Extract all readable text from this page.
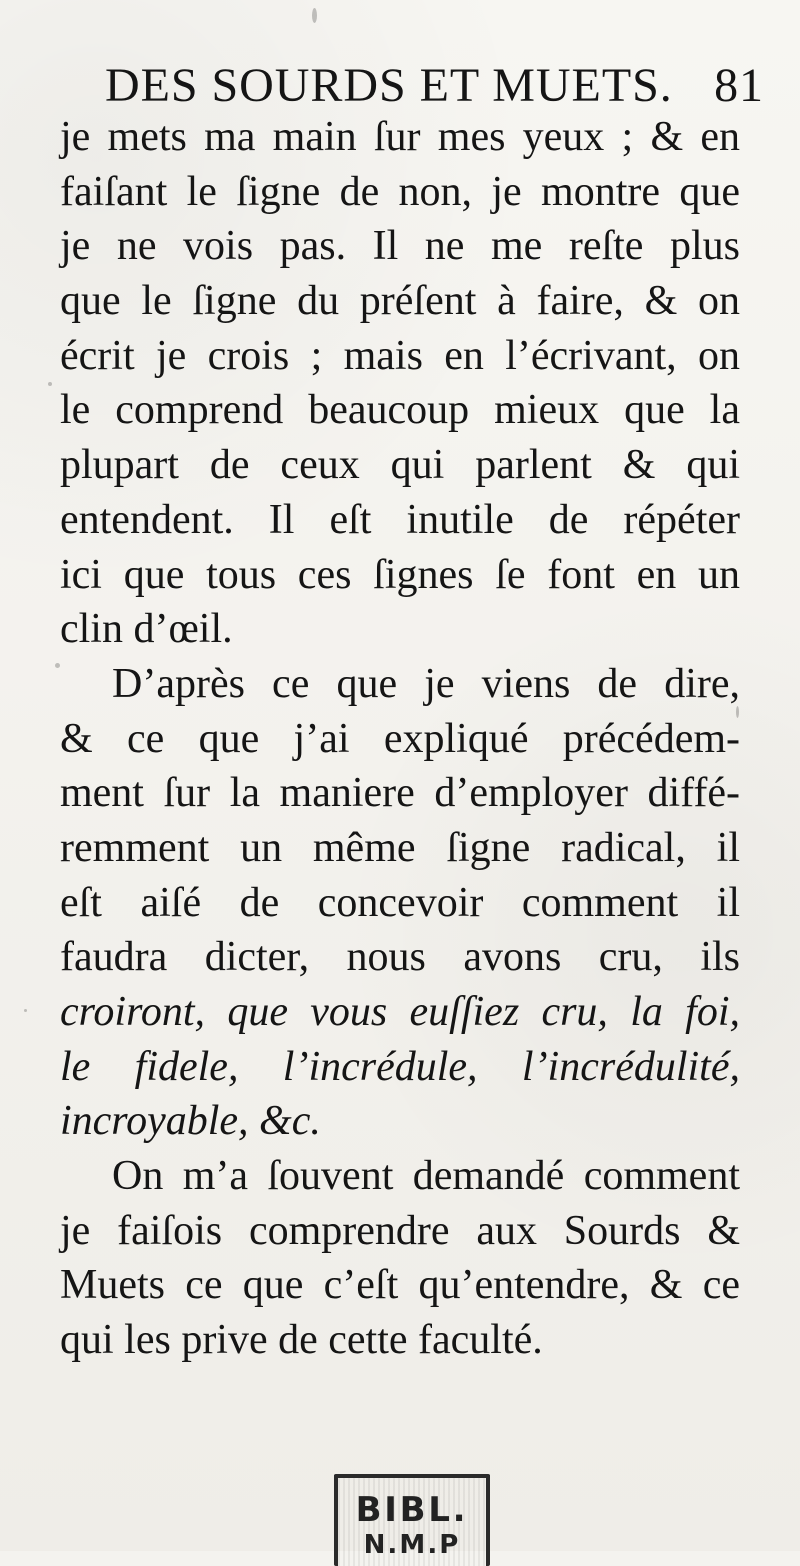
DES SOURDS ET MUETS. 81
je mets ma main ſur mes yeux ; & en
faiſant le ſigne de non, je montre que
je ne vois pas. Il ne me reſte plus
que le ſigne du préſent à faire, & on
écrit je crois ; mais en l’écrivant, on
le comprend beaucoup mieux que la
plupart de ceux qui parlent & qui
entendent. Il eſt inutile de répéter
ici que tous ces ſignes ſe font en un
clin d’œil.
D’après ce que je viens de dire,
& ce que j’ai expliqué précédem-
ment ſur la maniere d’employer diffé-
remment un même ſigne radical, il
eſt aiſé de concevoir comment il
faudra dicter, nous avons cru, ils
croiront, que vous euſſiez cru, la foi,
le fidele, l’incrédule, l’incrédulité,
incroyable, &c.
On m’a ſouvent demandé comment
je faiſois comprendre aux Sourds &
Muets ce que c’eſt qu’entendre, & ce
qui les prive de cette faculté.
BIBL.
N.M.P
